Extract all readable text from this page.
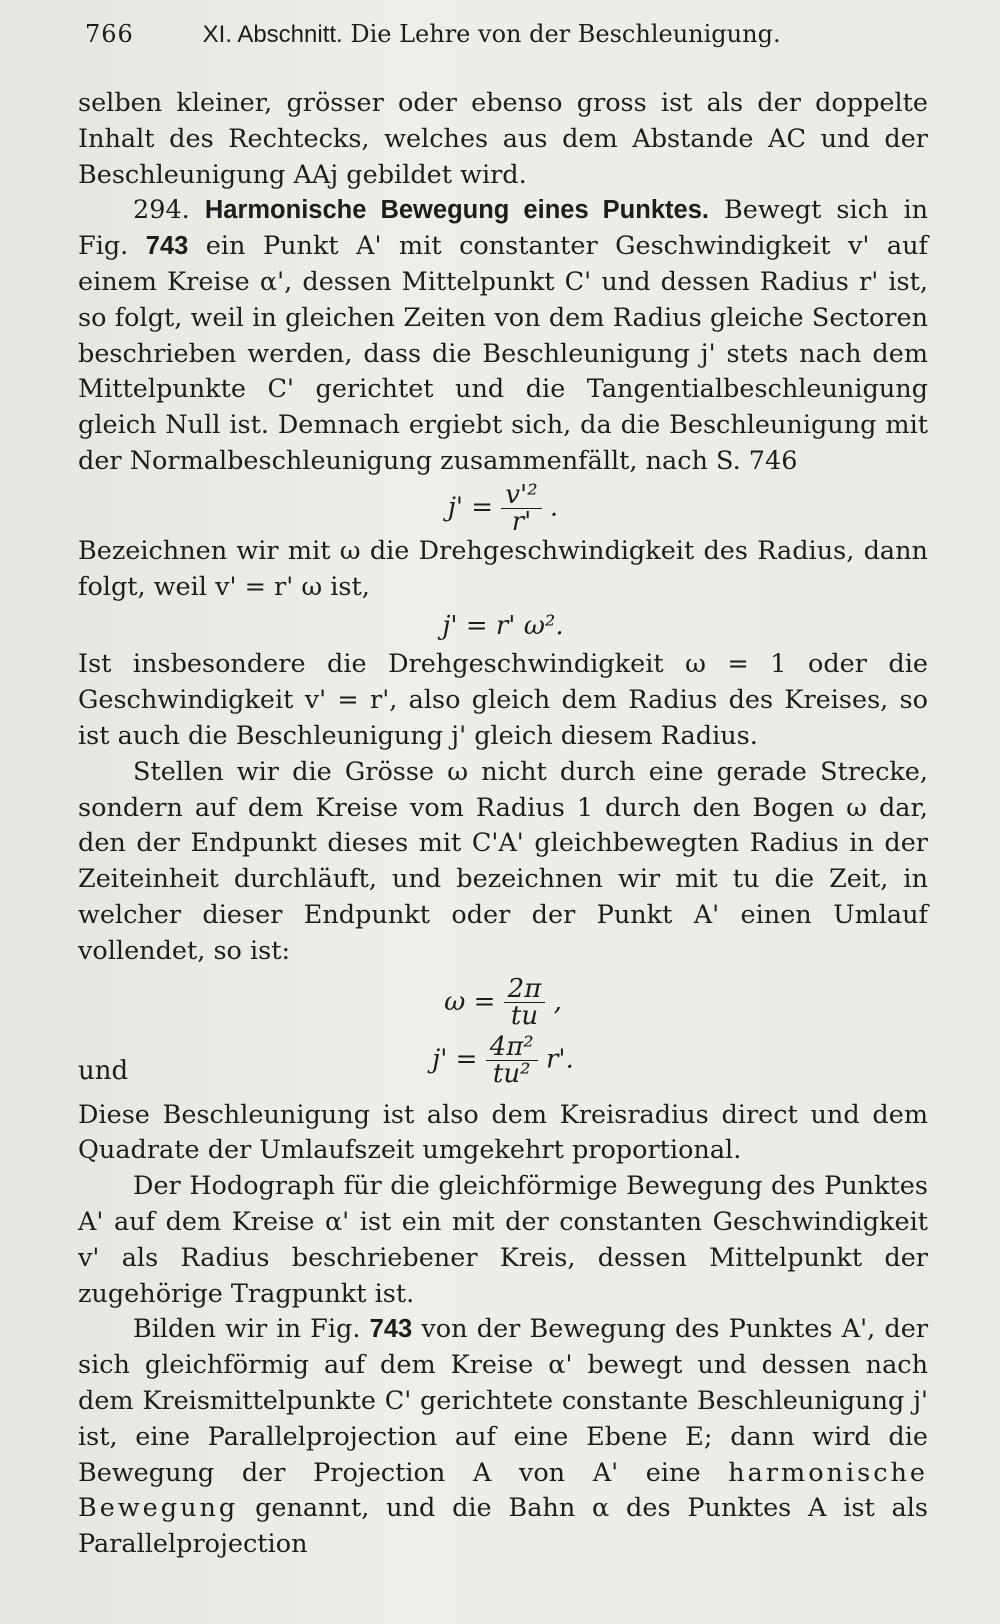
766	XI. Abschnitt. Die Lehre von der Beschleunigung.

selben kleiner, grösser oder ebenso gross ist als der doppelte Inhalt des Rechtecks, welches aus dem Abstande AC und der Beschleunigung AAj gebildet wird.

294. Harmonische Bewegung eines Punktes. Bewegt sich in Fig. 743 ein Punkt A' mit constanter Geschwindigkeit v' auf einem Kreise α', dessen Mittelpunkt C' und dessen Radius r' ist, so folgt, weil in gleichen Zeiten von dem Radius gleiche Sectoren beschrieben werden, dass die Beschleunigung j' stets nach dem Mittelpunkte C' gerichtet und die Tangentialbeschleunigung gleich Null ist. Demnach ergiebt sich, da die Beschleunigung mit der Normalbeschleunigung zusammenfällt, nach S. 746

$j' = \frac{\text{v'²}}{r'}$ .

Bezeichnen wir mit ω die Drehgeschwindigkeit des Radius, dann folgt, weil v' = r' ω ist,

j' = r' ω².

Ist insbesondere die Drehgeschwindigkeit ω = 1 oder die Geschwindigkeit v' = r', also gleich dem Radius des Kreises, so ist auch die Beschleunigung j' gleich diesem Radius.

Stellen wir die Grösse ω nicht durch eine gerade Strecke, sondern auf dem Kreise vom Radius 1 durch den Bogen ω dar, den der Endpunkt dieses mit C'A' gleichbewegten Radius in der Zeiteinheit durchläuft, und bezeichnen wir mit tu die Zeit, in welcher dieser Endpunkt oder der Punkt A' einen Umlauf vollendet, so ist:

$\omega = \frac{2\pi}{tu}$ ,
und	$j' = \frac{\text{4π²}}{\text{tu²}} r'$.

Diese Beschleunigung ist also dem Kreisradius direct und dem Quadrate der Umlaufszeit umgekehrt proportional.

Der Hodograph für die gleichförmige Bewegung des Punktes A' auf dem Kreise α' ist ein mit der constanten Geschwindigkeit v' als Radius beschriebener Kreis, dessen Mittelpunkt der zugehörige Tragpunkt ist.

Bilden wir in Fig. 743 von der Bewegung des Punktes A', der sich gleichförmig auf dem Kreise α' bewegt und dessen nach dem Kreismittelpunkte C' gerichtete constante Beschleunigung j' ist, eine Parallelprojection auf eine Ebene E; dann wird die Bewegung der Projection A von A' eine harmonische Bewegung genannt, und die Bahn α des Punktes A ist als Parallelprojection
